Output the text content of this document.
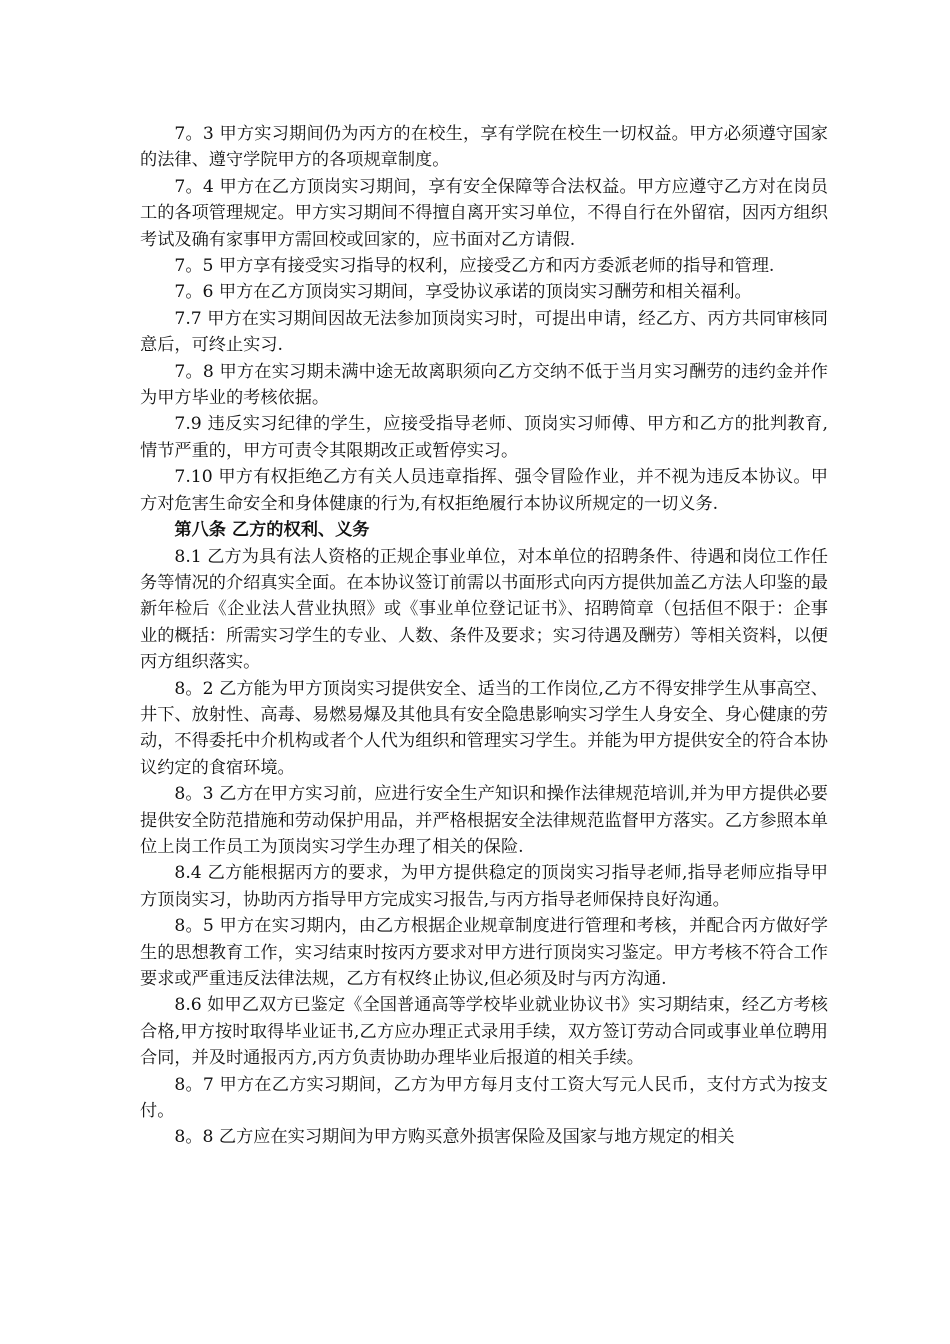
7。3 甲方实习期间仍为丙方的在校生，享有学院在校生一切权益。甲方必须遵守国家的法律、遵守学院甲方的各项规章制度。

7。4 甲方在乙方顶岗实习期间，享有安全保障等合法权益。甲方应遵守乙方对在岗员工的各项管理规定。甲方实习期间不得擅自离开实习单位，不得自行在外留宿，因丙方组织考试及确有家事甲方需回校或回家的，应书面对乙方请假.

7。5 甲方享有接受实习指导的权利，应接受乙方和丙方委派老师的指导和管理.

7。6 甲方在乙方顶岗实习期间，享受协议承诺的顶岗实习酬劳和相关福利。

7.7 甲方在实习期间因故无法参加顶岗实习时，可提出申请，经乙方、丙方共同审核同意后，可终止实习.

7。8 甲方在实习期未满中途无故离职须向乙方交纳不低于当月实习酬劳的违约金并作为甲方毕业的考核依据。

7.9 违反实习纪律的学生，应接受指导老师、顶岗实习师傅、甲方和乙方的批判教育,情节严重的，甲方可责令其限期改正或暂停实习。

7.10 甲方有权拒绝乙方有关人员违章指挥、强令冒险作业，并不视为违反本协议。甲方对危害生命安全和身体健康的行为,有权拒绝履行本协议所规定的一切义务.

第八条 乙方的权利、义务

8.1 乙方为具有法人资格的正规企事业单位，对本单位的招聘条件、待遇和岗位工作任务等情况的介绍真实全面。在本协议签订前需以书面形式向丙方提供加盖乙方法人印鉴的最新年检后《企业法人营业执照》或《事业单位登记证书》、招聘简章（包括但不限于：企事业的概括：所需实习学生的专业、人数、条件及要求；实习待遇及酬劳）等相关资料，以便丙方组织落实。

8。2 乙方能为甲方顶岗实习提供安全、适当的工作岗位,乙方不得安排学生从事高空、井下、放射性、高毒、易燃易爆及其他具有安全隐患影响实习学生人身安全、身心健康的劳动，不得委托中介机构或者个人代为组织和管理实习学生。并能为甲方提供安全的符合本协议约定的食宿环境。

8。3 乙方在甲方实习前，应进行安全生产知识和操作法律规范培训,并为甲方提供必要提供安全防范措施和劳动保护用品，并严格根据安全法律规范监督甲方落实。乙方参照本单位上岗工作员工为顶岗实习学生办理了相关的保险.

8.4 乙方能根据丙方的要求，为甲方提供稳定的顶岗实习指导老师,指导老师应指导甲方顶岗实习，协助丙方指导甲方完成实习报告,与丙方指导老师保持良好沟通。

8。5 甲方在实习期内，由乙方根据企业规章制度进行管理和考核，并配合丙方做好学生的思想教育工作，实习结束时按丙方要求对甲方进行顶岗实习鉴定。甲方考核不符合工作要求或严重违反法律法规，乙方有权终止协议,但必须及时与丙方沟通.

8.6 如甲乙双方已鉴定《全国普通高等学校毕业就业协议书》实习期结束，经乙方考核合格,甲方按时取得毕业证书,乙方应办理正式录用手续，双方签订劳动合同或事业单位聘用合同，并及时通报丙方,丙方负责协助办理毕业后报道的相关手续。

8。7 甲方在乙方实习期间，乙方为甲方每月支付工资大写元人民币，支付方式为按支付。

8。8 乙方应在实习期间为甲方购买意外损害保险及国家与地方规定的相关
